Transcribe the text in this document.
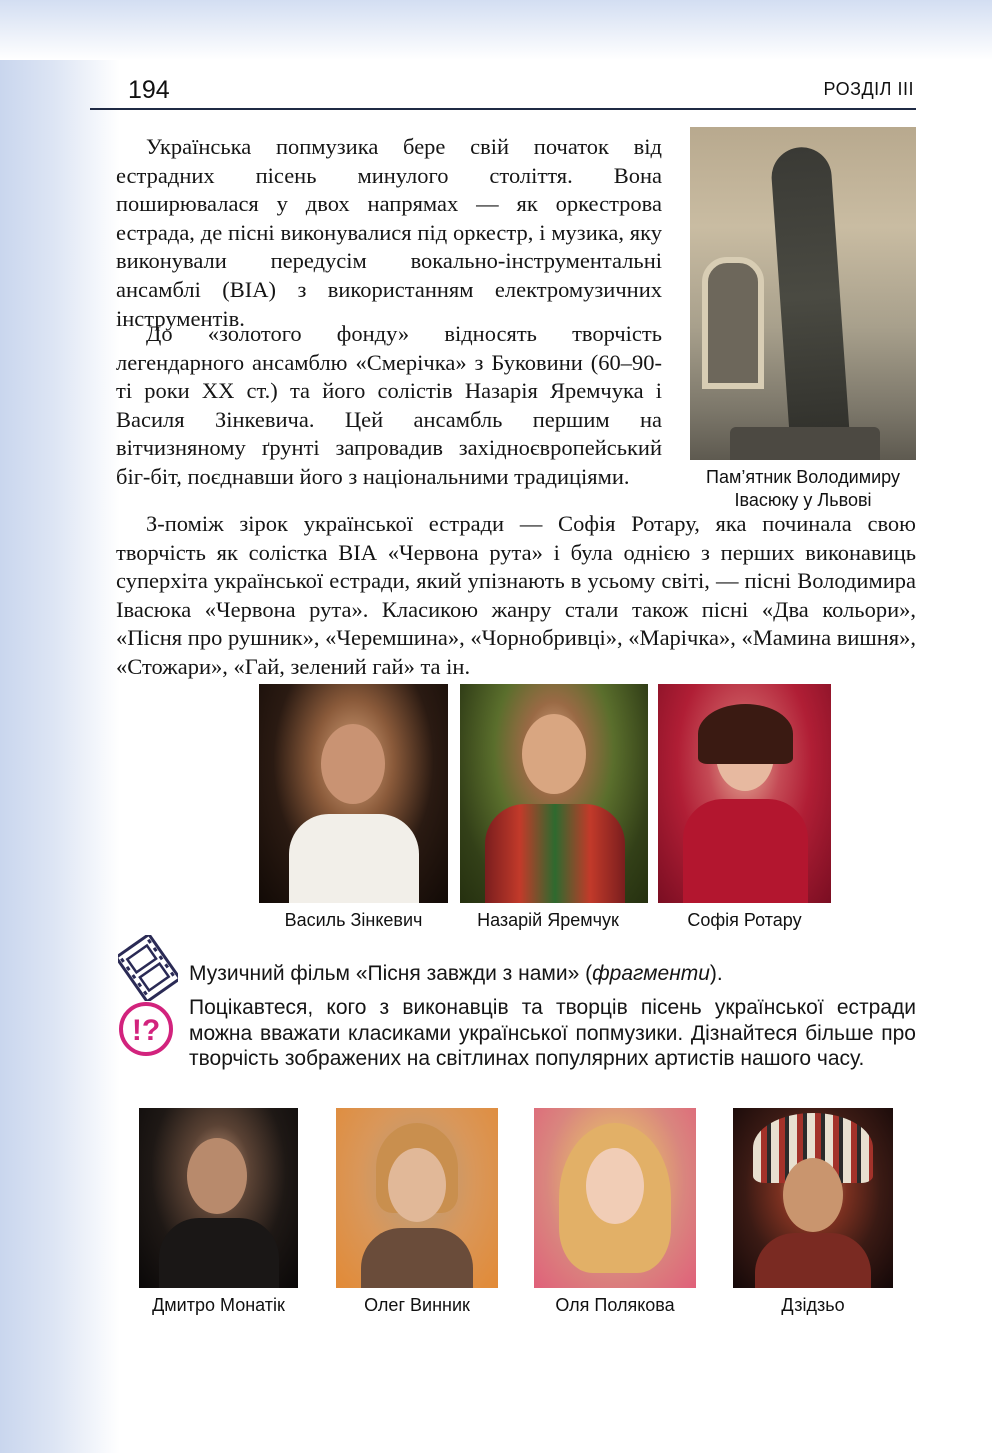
194	РОЗДІЛ III

Українська попмузика бере свій початок від естрадних пісень минулого століття. Вона поширювалася у двох напрямах — як оркестрова естрада, де пісні виконувалися під оркестр, і музика, яку виконували передусім вокально-інструментальні ансамблі (ВІА) з використанням електромузичних інструментів.

До «золотого фонду» відносять творчість легендарного ансамблю «Смерічка» з Буковини (60–90-ті роки XX ст.) та його солістів Назарія Яремчука і Василя Зінкевича. Цей ансамбль першим на вітчизняному ґрунті запровадив західноєвропейський біг-біт, поєднавши його з національними традиціями.	Пам’ятник Володимиру Івасюку у Львові

З-поміж зірок української естради — Софія Ротару, яка починала свою творчість як солістка ВІА «Червона рута» і була однією з перших виконавиць суперхіта української естради, який упізнають в усьому світі, — пісні Володимира Івасюка «Червона рута». Класикою жанру стали також пісні «Два кольори», «Пісня про рушник», «Черемшина», «Чорнобривці», «Марічка», «Мамина вишня», «Стожари», «Гай, зелений гай» та ін.

Василь Зінкевич	Назарій Яремчук	Софія Ротару

Музичний фільм «Пісня завжди з нами» (фрагменти).

!?

Поцікавтеся, кого з виконавців та творців пісень української естради можна вважати класиками української попмузики. Дізнайтеся більше про творчість зображених на світлинах популярних артистів нашого часу.

Дмитро Монатік	Олег Винник	Оля Полякова	Дзідзьо
